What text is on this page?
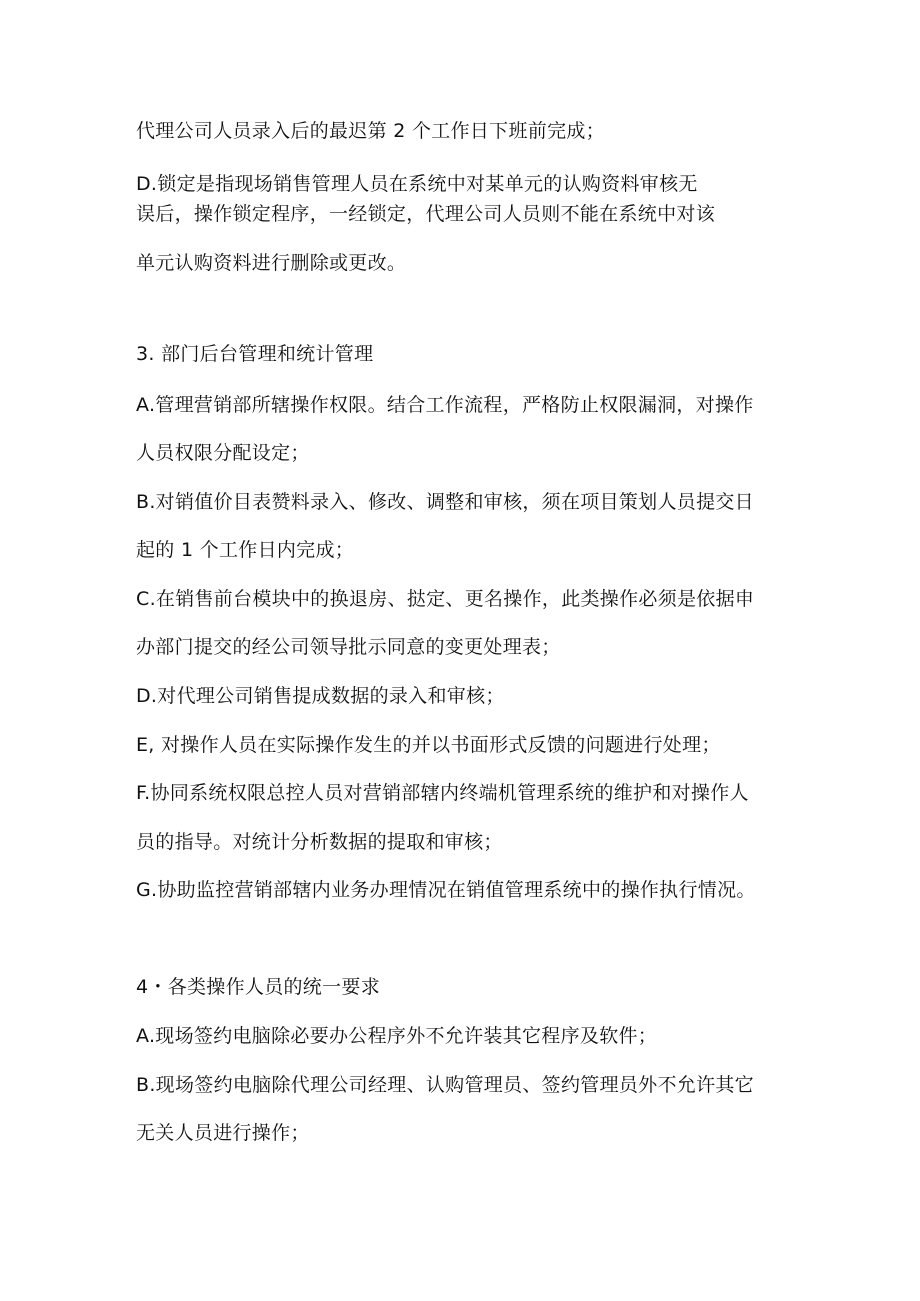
代理公司人员录入后的最迟第 2 个工作日下班前完成；
D.锁定是指现场销售管理人员在系统中对某单元的认购资料审核无
误后，操作锁定程序，一经锁定，代理公司人员则不能在系统中对该
单元认购资料进行删除或更改。
3. 部门后台管理和统计管理
A.管理营销部所辖操作权限。结合工作流程，严格防止权限漏洞，对操作
人员权限分配设定；
B.对销值价目表赞料录入、修改、调整和审核，须在项目策划人员提交日
起的 1 个工作日内完成；
C.在销售前台模块中的换退房、挞定、更名操作，此类操作必须是依据申
办部门提交的经公司领导批示同意的变更处理表；
D.对代理公司销售提成数据的录入和审核；
E, 对操作人员在实际操作发生的并以书面形式反馈的问题进行处理；
F.协同系统权限总控人员对营销部辖内终端机管理系统的维护和对操作人
员的指导。对统计分析数据的提取和审核；
G.协助监控营销部辖内业务办理情况在销值管理系统中的操作执行情况。
4・各类操作人员的统一要求
A.现场签约电脑除必要办公程序外不允许装其它程序及软件；
B.现场签约电脑除代理公司经理、认购管理员、签约管理员外不允许其它
无关人员进行操作；
